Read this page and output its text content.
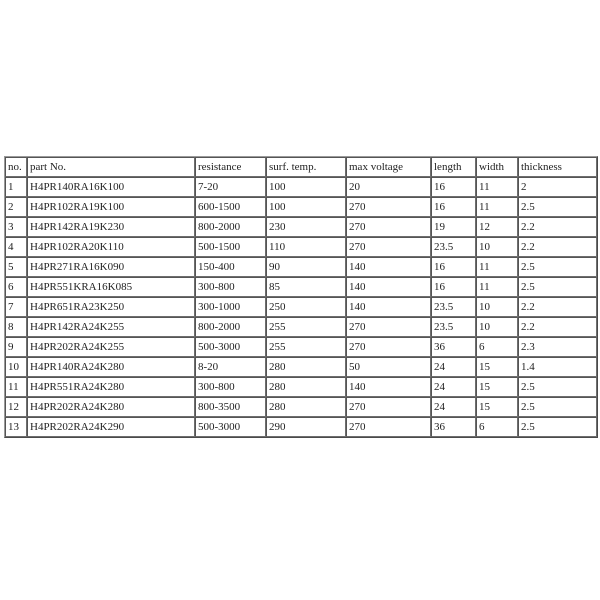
no.	part No.	resistance	surf. temp.	max voltage	length	width	thickness
1	H4PR140RA16K100	7-20	100	20	16	11	2
2	H4PR102RA19K100	600-1500	100	270	16	11	2.5
3	H4PR142RA19K230	800-2000	230	270	19	12	2.2
4	H4PR102RA20K110	500-1500	110	270	23.5	10	2.2
5	H4PR271RA16K090	150-400	90	140	16	11	2.5
6	H4PR551KRA16K085	300-800	85	140	16	11	2.5
7	H4PR651RA23K250	300-1000	250	140	23.5	10	2.2
8	H4PR142RA24K255	800-2000	255	270	23.5	10	2.2
9	H4PR202RA24K255	500-3000	255	270	36	6	2.3
10	H4PR140RA24K280	8-20	280	50	24	15	1.4
11	H4PR551RA24K280	300-800	280	140	24	15	2.5
12	H4PR202RA24K280	800-3500	280	270	24	15	2.5
13	H4PR202RA24K290	500-3000	290	270	36	6	2.5
